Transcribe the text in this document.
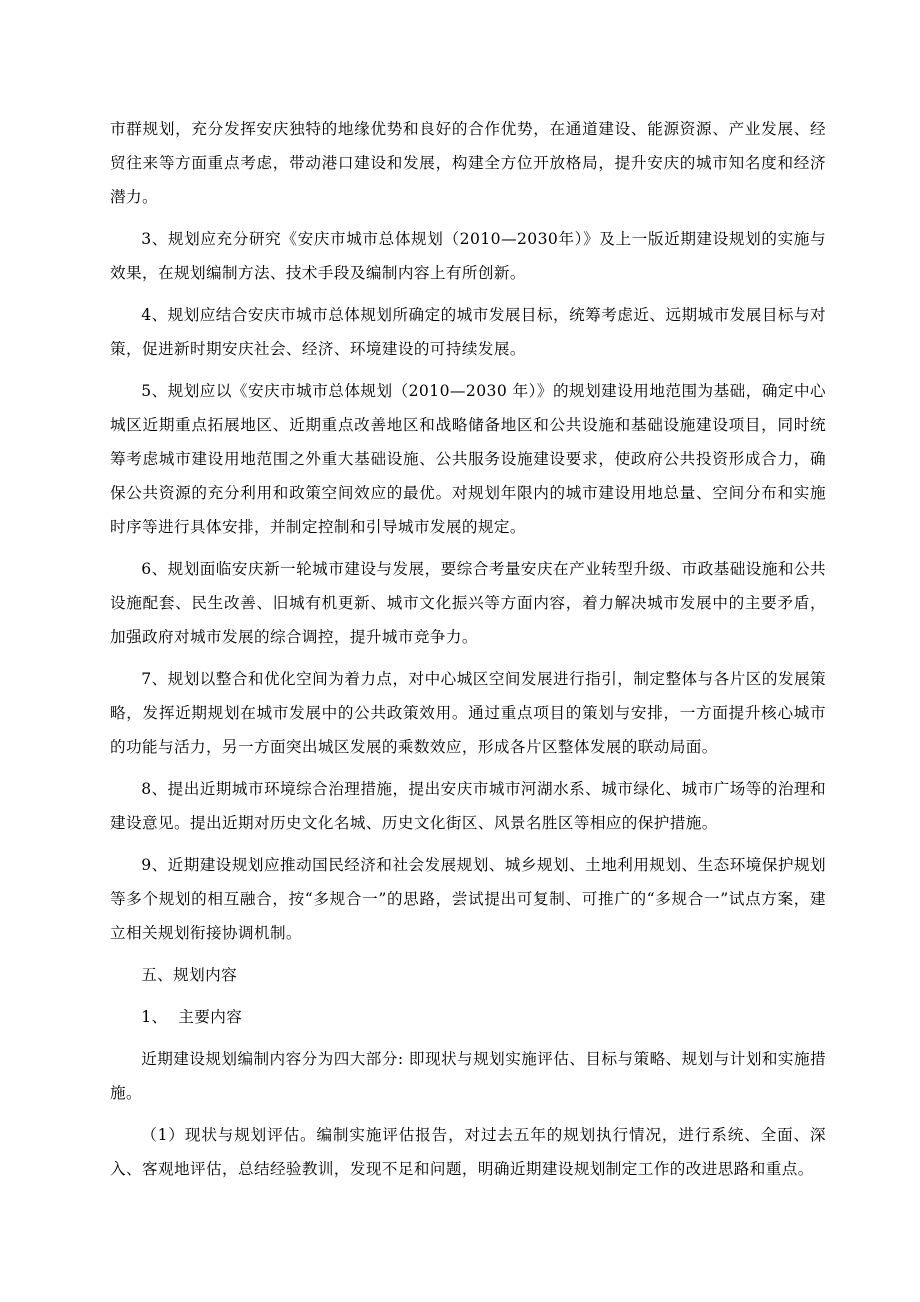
市群规划，充分发挥安庆独特的地缘优势和良好的合作优势，在通道建设、能源资源、产业发展、经贸往来等方面重点考虑，带动港口建设和发展，构建全方位开放格局，提升安庆的城市知名度和经济潜力。

3、规划应充分研究《安庆市城市总体规划（2010—2030年）》及上一版近期建设规划的实施与效果，在规划编制方法、技术手段及编制内容上有所创新。

4、规划应结合安庆市城市总体规划所确定的城市发展目标，统筹考虑近、远期城市发展目标与对策，促进新时期安庆社会、经济、环境建设的可持续发展。

5、规划应以《安庆市城市总体规划（2010—2030 年）》的规划建设用地范围为基础，确定中心城区近期重点拓展地区、近期重点改善地区和战略储备地区和公共设施和基础设施建设项目，同时统筹考虑城市建设用地范围之外重大基础设施、公共服务设施建设要求，使政府公共投资形成合力，确保公共资源的充分利用和政策空间效应的最优。对规划年限内的城市建设用地总量、空间分布和实施时序等进行具体安排，并制定控制和引导城市发展的规定。

6、规划面临安庆新一轮城市建设与发展，要综合考量安庆在产业转型升级、市政基础设施和公共设施配套、民生改善、旧城有机更新、城市文化振兴等方面内容，着力解决城市发展中的主要矛盾，加强政府对城市发展的综合调控，提升城市竞争力。

7、规划以整合和优化空间为着力点，对中心城区空间发展进行指引，制定整体与各片区的发展策略，发挥近期规划在城市发展中的公共政策效用。通过重点项目的策划与安排，一方面提升核心城市的功能与活力，另一方面突出城区发展的乘数效应，形成各片区整体发展的联动局面。

8、提出近期城市环境综合治理措施，提出安庆市城市河湖水系、城市绿化、城市广场等的治理和建设意见。提出近期对历史文化名城、历史文化街区、风景名胜区等相应的保护措施。

9、近期建设规划应推动国民经济和社会发展规划、城乡规划、土地利用规划、生态环境保护规划等多个规划的相互融合，按“多规合一”的思路，尝试提出可复制、可推广的“多规合一”试点方案，建立相关规划衔接协调机制。

五、规划内容

1、  主要内容

近期建设规划编制内容分为四大部分: 即现状与规划实施评估、目标与策略、规划与计划和实施措施。

（1）现状与规划评估。编制实施评估报告，对过去五年的规划执行情况，进行系统、全面、深入、客观地评估，总结经验教训，发现不足和问题，明确近期建设规划制定工作的改进思路和重点。
